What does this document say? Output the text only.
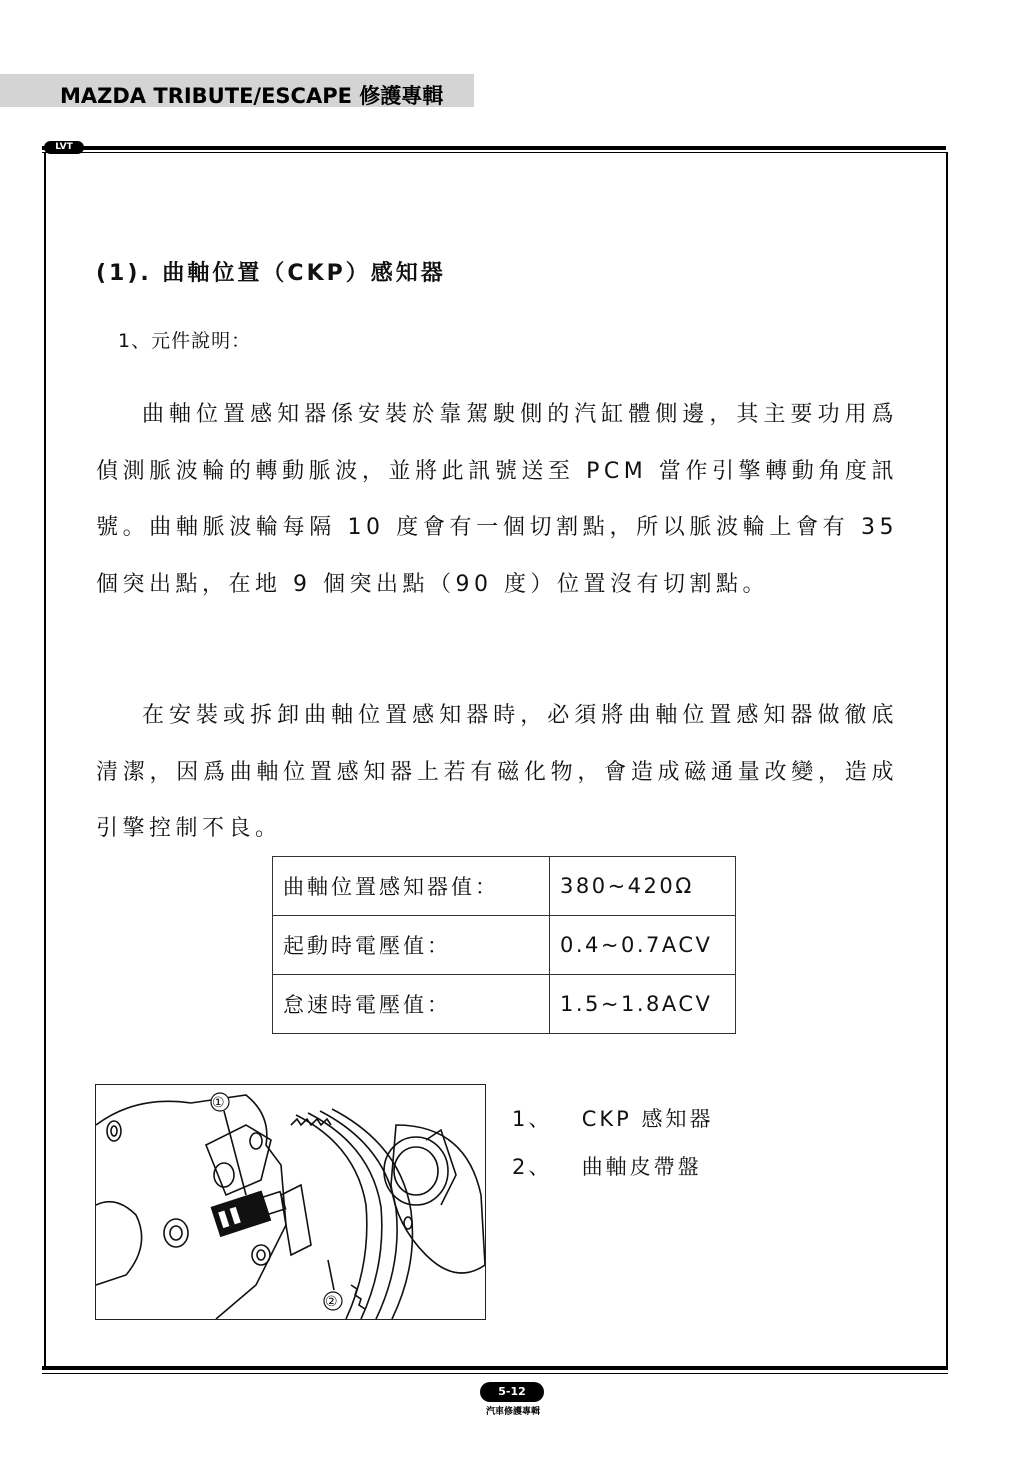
MAZDA TRIBUTE/ESCAPE 修護專輯
LVT
(1). 曲軸位置（CKP）感知器
1、元件說明：

曲軸位置感知器係安裝於靠駕駛側的汽缸體側邊，其主要功用爲偵測脈波輪的轉動脈波，並將此訊號送至 PCM 當作引擎轉動角度訊號。曲軸脈波輪每隔 10 度會有一個切割點，所以脈波輪上會有 35 個突出點，在地 9 個突出點（90 度）位置沒有切割點。

在安裝或拆卸曲軸位置感知器時，必須將曲軸位置感知器做徹底清潔，因爲曲軸位置感知器上若有磁化物，會造成磁通量改變，造成引擎控制不良。

曲軸位置感知器值：	380~420Ω
起動時電壓值：	0.4~0.7ACV
怠速時電壓值：	1.5~1.8ACV
①
②
1、 CKP 感知器
2、 曲軸皮帶盤
5-12
汽車修護專輯
